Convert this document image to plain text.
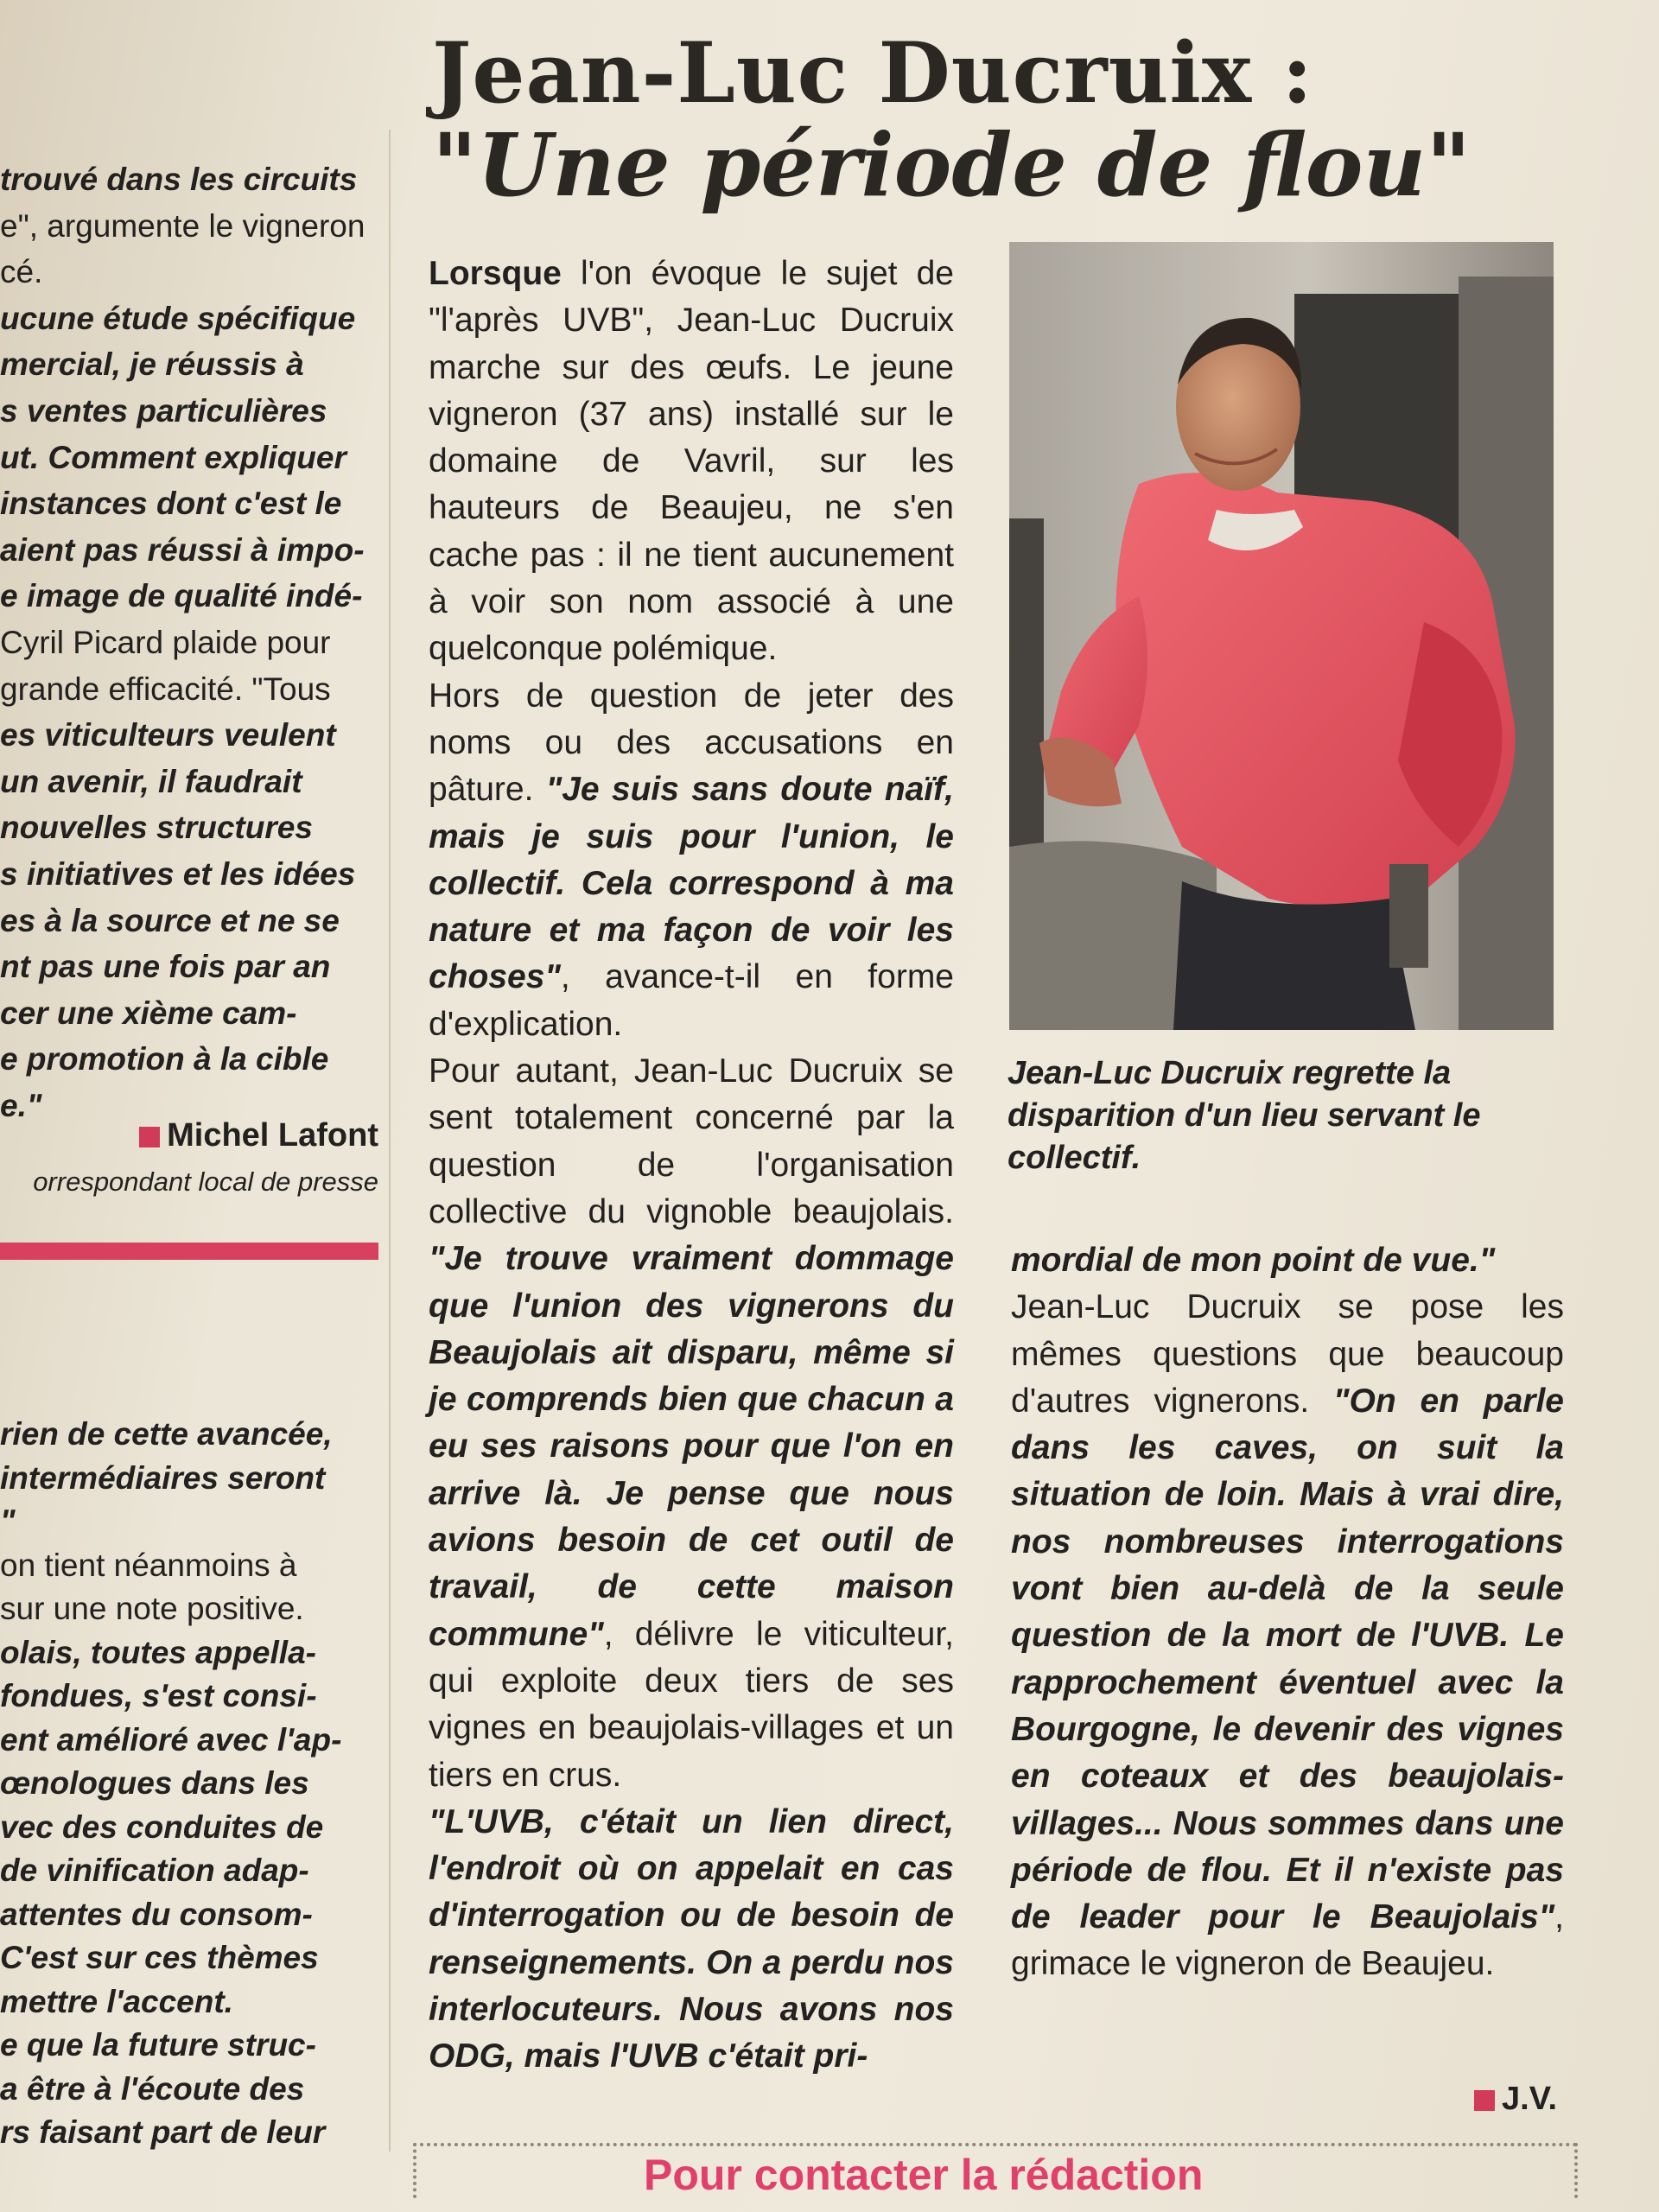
trouvé dans les circuits
e", argumente le vigneron
cé.
ucune étude spécifique
mercial, je réussis à
s ventes particulières
ut. Comment expliquer
instances dont c'est le
aient pas réussi à impo-
e image de qualité indé-
Cyril Picard plaide pour
grande efficacité. "Tous
es viticulteurs veulent
un avenir, il faudrait
nouvelles structures
s initiatives et les idées
es à la source et ne se
nt pas une fois par an
cer une xième cam-
e promotion à la cible
e."
Michel Lafont
orrespondant local de presse
rien de cette avancée,
intermédiaires seront
"
on tient néanmoins à
sur une note positive.
olais, toutes appella-
fondues, s'est consi-
ent amélioré avec l'ap-
œnologues dans les
vec des conduites de
de vinification adap-
attentes du consom-
C'est sur ces thèmes
mettre l'accent.
e que la future struc-
a être à l'écoute des
rs faisant part de leur
Jean-Luc Ducruix :
"Une période de flou"

Lorsque l'on évoque le sujet de "l'après UVB", Jean-Luc Ducruix marche sur des œufs. Le jeune vigneron (37 ans) installé sur le domaine de Vavril, sur les hauteurs de Beaujeu, ne s'en cache pas : il ne tient aucunement à voir son nom associé à une quelconque polémique.

Hors de question de jeter des noms ou des accusations en pâture. "Je suis sans doute naïf, mais je suis pour l'union, le collectif. Cela correspond à ma nature et ma façon de voir les choses", avance-t-il en forme d'explication.

Pour autant, Jean-Luc Ducruix se sent totalement concerné par la question de l'organisation collective du vignoble beaujolais. "Je trouve vraiment dommage que l'union des vignerons du Beaujolais ait disparu, même si je comprends bien que chacun a eu ses raisons pour que l'on en arrive là. Je pense que nous avions besoin de cet outil de travail, de cette maison commune", délivre le viticulteur, qui exploite deux tiers de ses vignes en beaujolais-villages et un tiers en crus.

"L'UVB, c'était un lien direct, l'endroit où on appelait en cas d'interrogation ou de besoin de renseignements. On a perdu nos interlocuteurs. Nous avons nos ODG, mais l'UVB c'était pri-

Jean-Luc Ducruix regrette la disparition d'un lieu servant le collectif.

mordial de mon point de vue."

Jean-Luc Ducruix se pose les mêmes questions que beaucoup d'autres vignerons. "On en parle dans les caves, on suit la situation de loin. Mais à vrai dire, nos nombreuses interrogations vont bien au-delà de la seule question de la mort de l'UVB. Le rapprochement éventuel avec la Bourgogne, le devenir des vignes en coteaux et des beaujolais-villages... Nous sommes dans une période de flou. Et il n'existe pas de leader pour le Beaujolais", grimace le vigneron de Beaujeu.

J.V.
Pour contacter la rédaction
